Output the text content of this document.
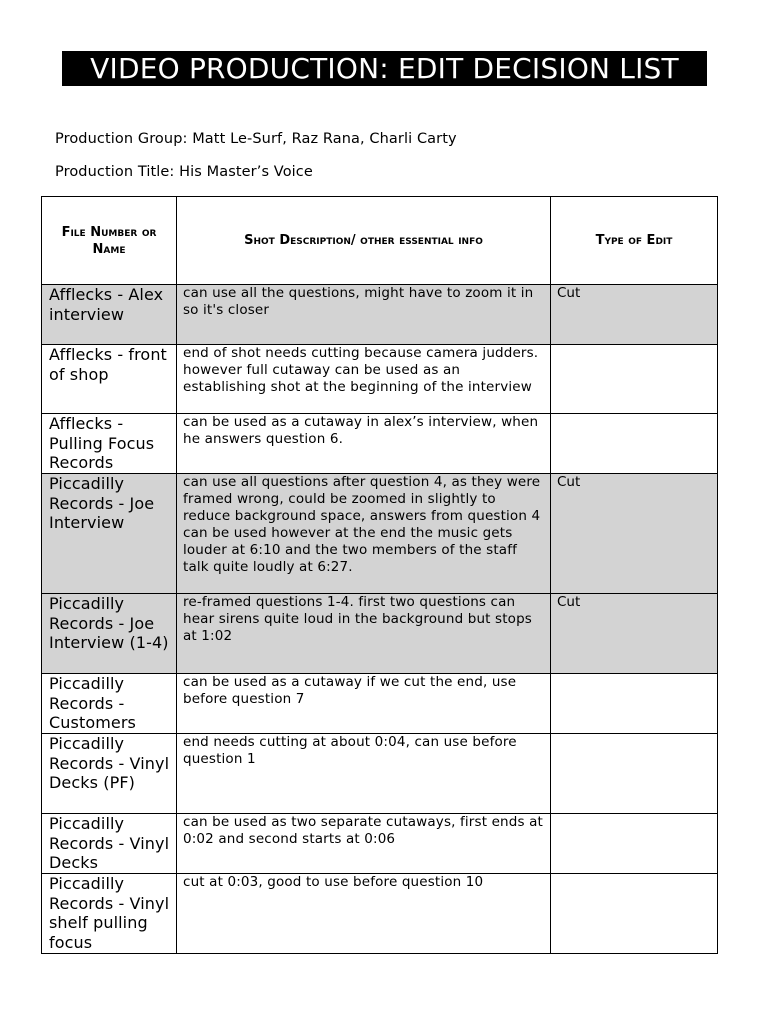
VIDEO PRODUCTION: EDIT DECISION LIST
Production Group: Matt Le-Surf, Raz Rana, Charli Carty
Production Title: His Master’s Voice
File Number or Name	Shot Description/ other essential info	Type of Edit
Afflecks - Alex interview	can use all the questions, might have to zoom it in so it's closer	Cut
Afflecks - front of shop	end of shot needs cutting because camera judders. however full cutaway can be used as an establishing shot at the beginning of the interview	
Afflecks - Pulling Focus Records	can be used as a cutaway in alex’s interview, when he answers question 6.	
Piccadilly Records - Joe Interview	can use all questions after question 4, as they were framed wrong, could be zoomed in slightly to reduce background space, answers from question 4 can be used however at the end the music gets louder at 6:10 and the two members of the staff talk quite loudly at 6:27.	Cut
Piccadilly Records - Joe Interview (1-4)	re-framed questions 1-4. first two questions can hear sirens quite loud in the background but stops at 1:02	Cut
Piccadilly Records - Customers	can be used as a cutaway if we cut the end, use before question 7	
Piccadilly Records - Vinyl Decks (PF)	end needs cutting at about 0:04, can use before question 1	
Piccadilly Records - Vinyl Decks	can be used as two separate cutaways, first ends at 0:02 and second starts at 0:06	
Piccadilly Records - Vinyl shelf pulling focus	cut at 0:03, good to use before question 10	
